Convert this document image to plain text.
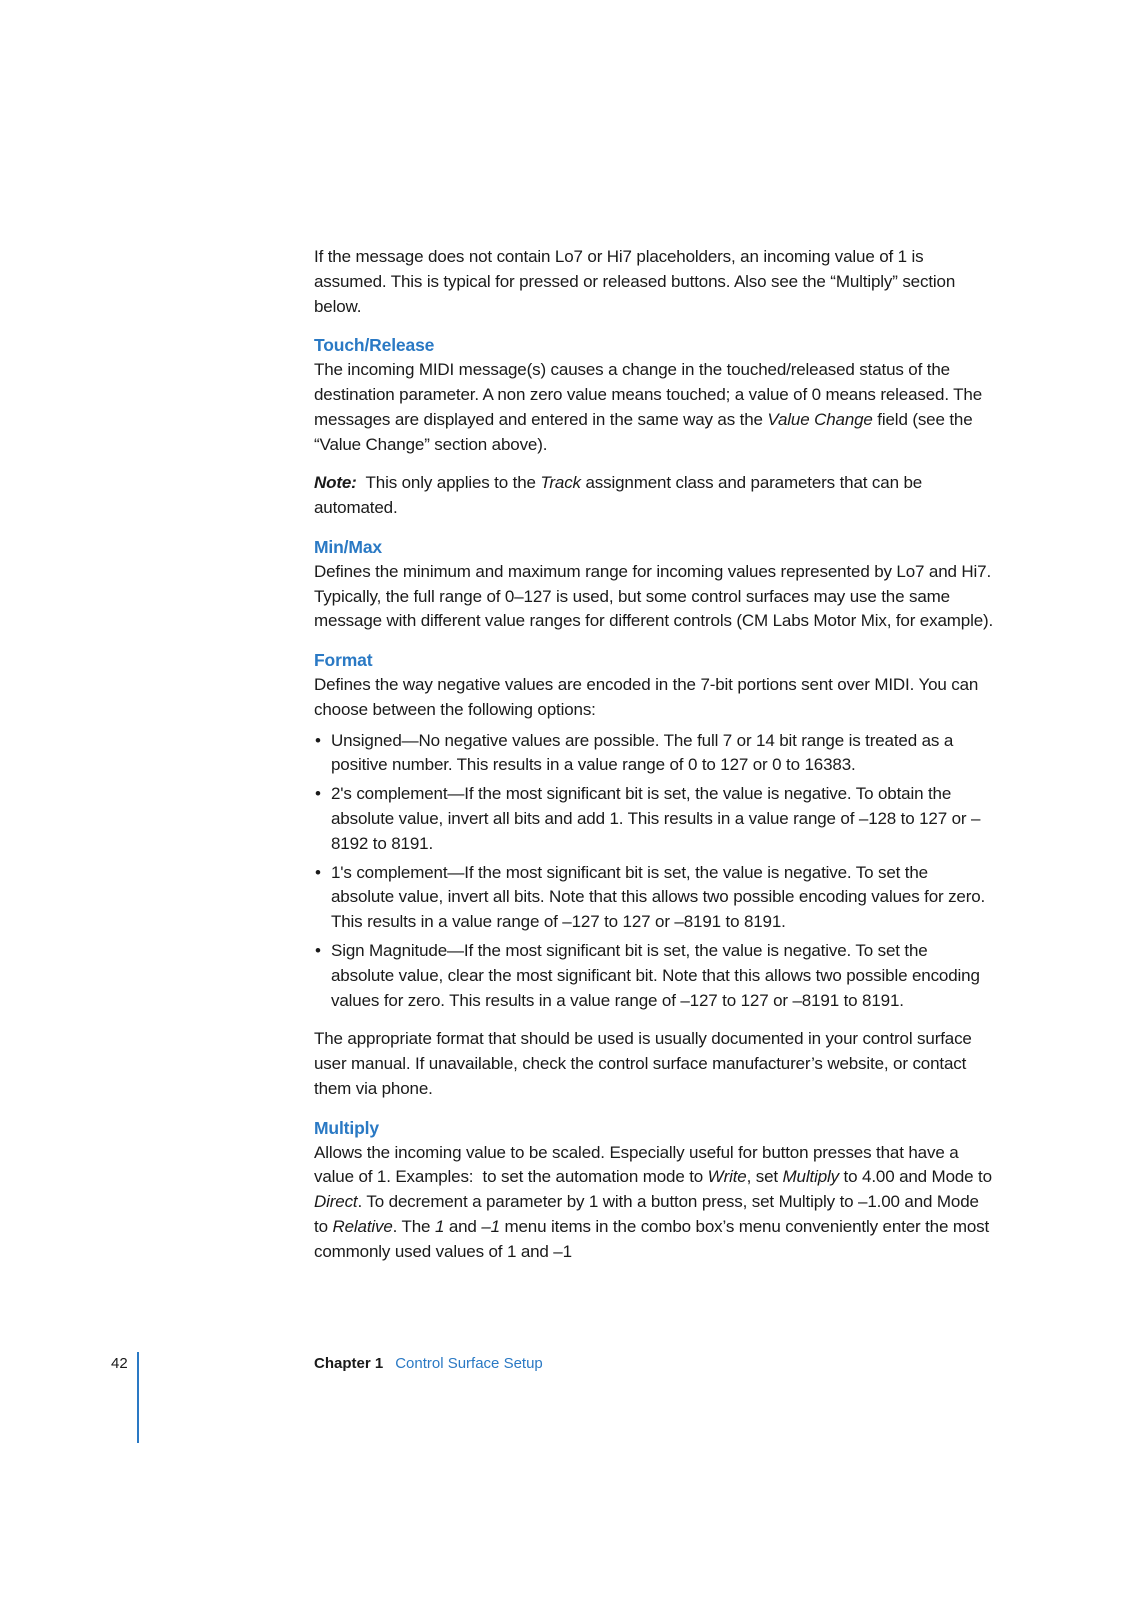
If the message does not contain Lo7 or Hi7 placeholders, an incoming value of 1 is assumed. This is typical for pressed or released buttons. Also see the “Multiply” section below.

Touch/Release

The incoming MIDI message(s) causes a change in the touched/released status of the destination parameter. A non zero value means touched; a value of 0 means released. The messages are displayed and entered in the same way as the Value Change field (see the “Value Change” section above).

Note:  This only applies to the Track assignment class and parameters that can be automated.

Min/Max

Defines the minimum and maximum range for incoming values represented by Lo7 and Hi7. Typically, the full range of 0–127 is used, but some control surfaces may use the same message with different value ranges for different controls (CM Labs Motor Mix, for example).

Format

Defines the way negative values are encoded in the 7-bit portions sent over MIDI. You can choose between the following options:

• Unsigned—No negative values are possible. The full 7 or 14 bit range is treated as a positive number. This results in a value range of 0 to 127 or 0 to 16383.
• 2's complement—If the most significant bit is set, the value is negative. To obtain the absolute value, invert all bits and add 1. This results in a value range of –128 to 127 or –8192 to 8191.
• 1's complement—If the most significant bit is set, the value is negative. To set the absolute value, invert all bits. Note that this allows two possible encoding values for zero. This results in a value range of –127 to 127 or –8191 to 8191.
• Sign Magnitude—If the most significant bit is set, the value is negative. To set the absolute value, clear the most significant bit. Note that this allows two possible encoding values for zero. This results in a value range of –127 to 127 or –8191 to 8191.

The appropriate format that should be used is usually documented in your control surface user manual. If unavailable, check the control surface manufacturer’s website, or contact them via phone.

Multiply

Allows the incoming value to be scaled. Especially useful for button presses that have a value of 1. Examples:  to set the automation mode to Write, set Multiply to 4.00 and Mode to Direct. To decrement a parameter by 1 with a button press, set Multiply to –1.00 and Mode to Relative. The 1 and –1 menu items in the combo box’s menu conveniently enter the most commonly used values of 1 and –1

42	Chapter 1 Control Surface Setup
